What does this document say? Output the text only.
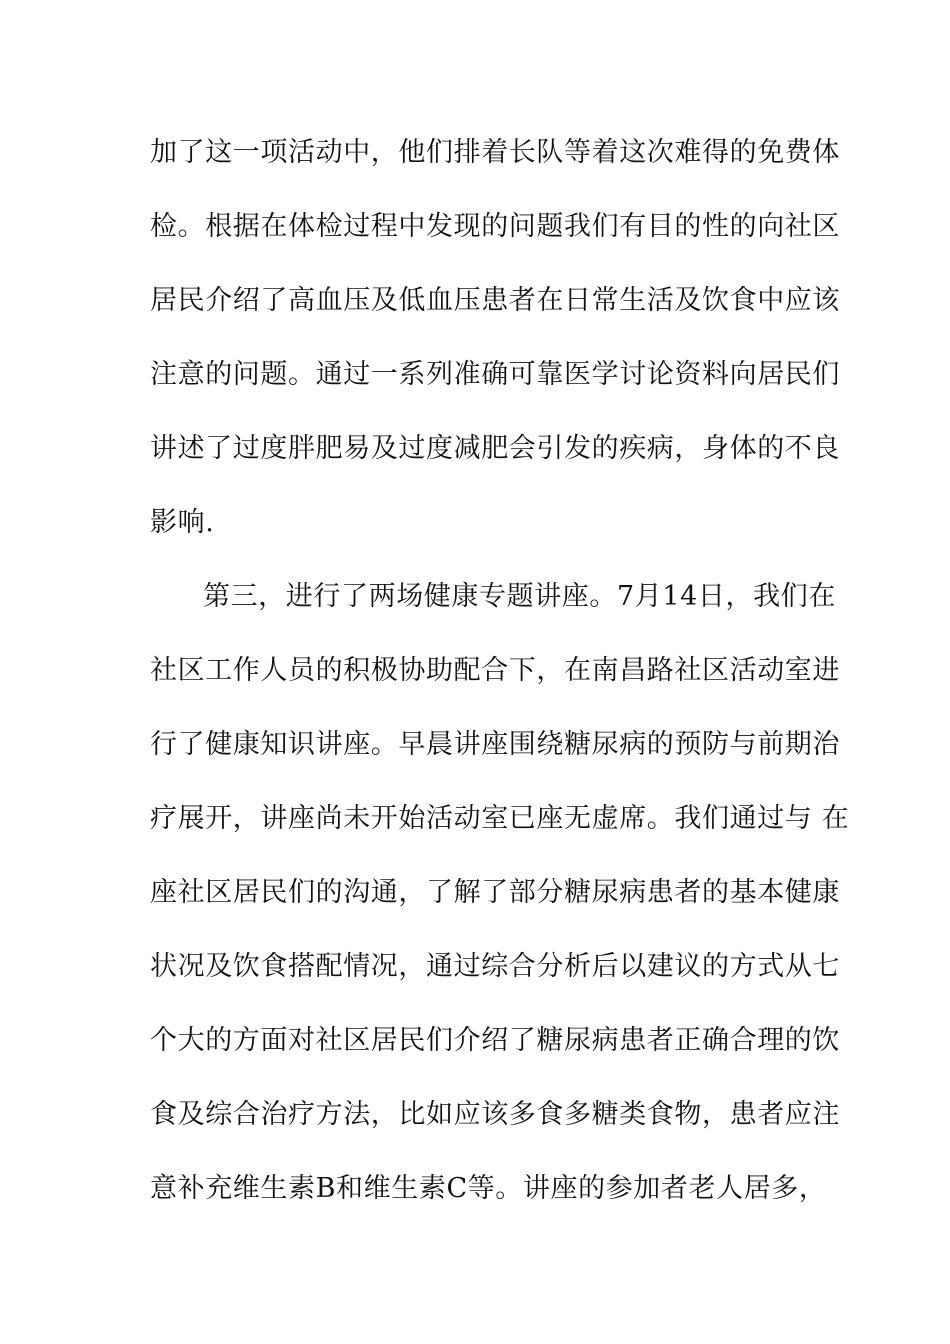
加了这一项活动中，他们排着长队等着这次难得的免费体
检。根据在体检过程中发现的问题我们有目的性的向社区
居民介绍了高血压及低血压患者在日常生活及饮食中应该
注意的问题。通过一系列准确可靠医学讨论资料向居民们
讲述了过度胖肥易及过度减肥会引发的疾病，身体的不良
影响.
第三，进行了两场健康专题讲座。7月14日，我们在
社区工作人员的积极协助配合下，在南昌路社区活动室进
行了健康知识讲座。早晨讲座围绕糖尿病的预防与前期治
疗展开，讲座尚未开始活动室已座无虚席。我们通过与 在
座社区居民们的沟通，了解了部分糖尿病患者的基本健康
状况及饮食搭配情况，通过综合分析后以建议的方式从七
个大的方面对社区居民们介绍了糖尿病患者正确合理的饮
食及综合治疗方法，比如应该多食多糖类食物，患者应注
意补充维生素B和维生素C等。讲座的参加者老人居多，
